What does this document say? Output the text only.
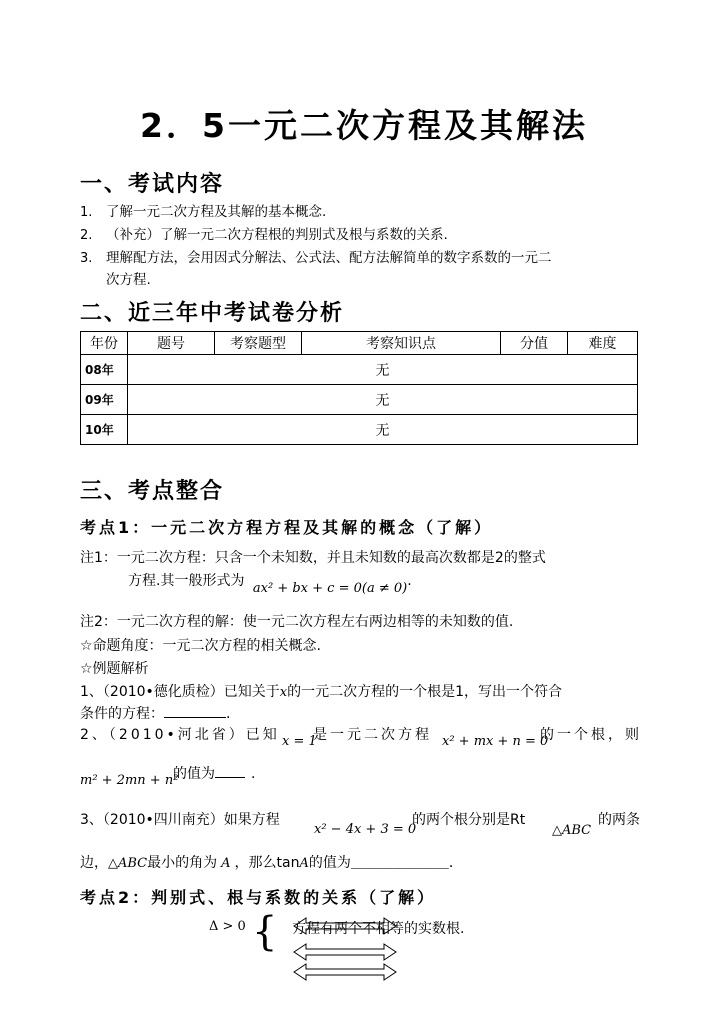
2．5一元二次方程及其解法
一、考试内容
1. 了解一元二次方程及其解的基本概念.
2. （补充）了解一元二次方程根的判别式及根与系数的关系.
3. 理解配方法，会用因式分解法、公式法、配方法解简单的数字系数的一元二
次方程.
二、近三年中考试卷分析
年份	题号	考察题型	考察知识点	分值	难度
08年	无				
09年	无				
10年	无				
三、考点整合
考点1：一元二次方程方程及其解的概念（了解）
注1：一元二次方程：只含一个未知数，并且未知数的最高次数都是2的整式
方程.其一般形式为 ax² + bx + c = 0(a ≠ 0).
注2：一元二次方程的解：使一元二次方程左右两边相等的未知数的值.
☆命题角度：一元二次方程的相关概念.
☆例题解析
1、（2010•德化质检）已知关于x的一元二次方程的一个根是1，写出一个符合
条件的方程：	.
2、（2010•河北省）已知 x = 1
是一元二次方程 x² + mx + n = 0
的一个根，则
m² + 2mn + n²
的值为	.
3、（2010•四川南充）如果方程
x² − 4x + 3 = 0
的两个根分别是Rt
△ABC
的两条
边，△ABC最小的角为 A ，那么tanA的值为＿＿＿＿＿＿＿．
考点2：判别式、根与系数的关系（了解）
Δ > 0 { 方程有两个不相等的实数根.
